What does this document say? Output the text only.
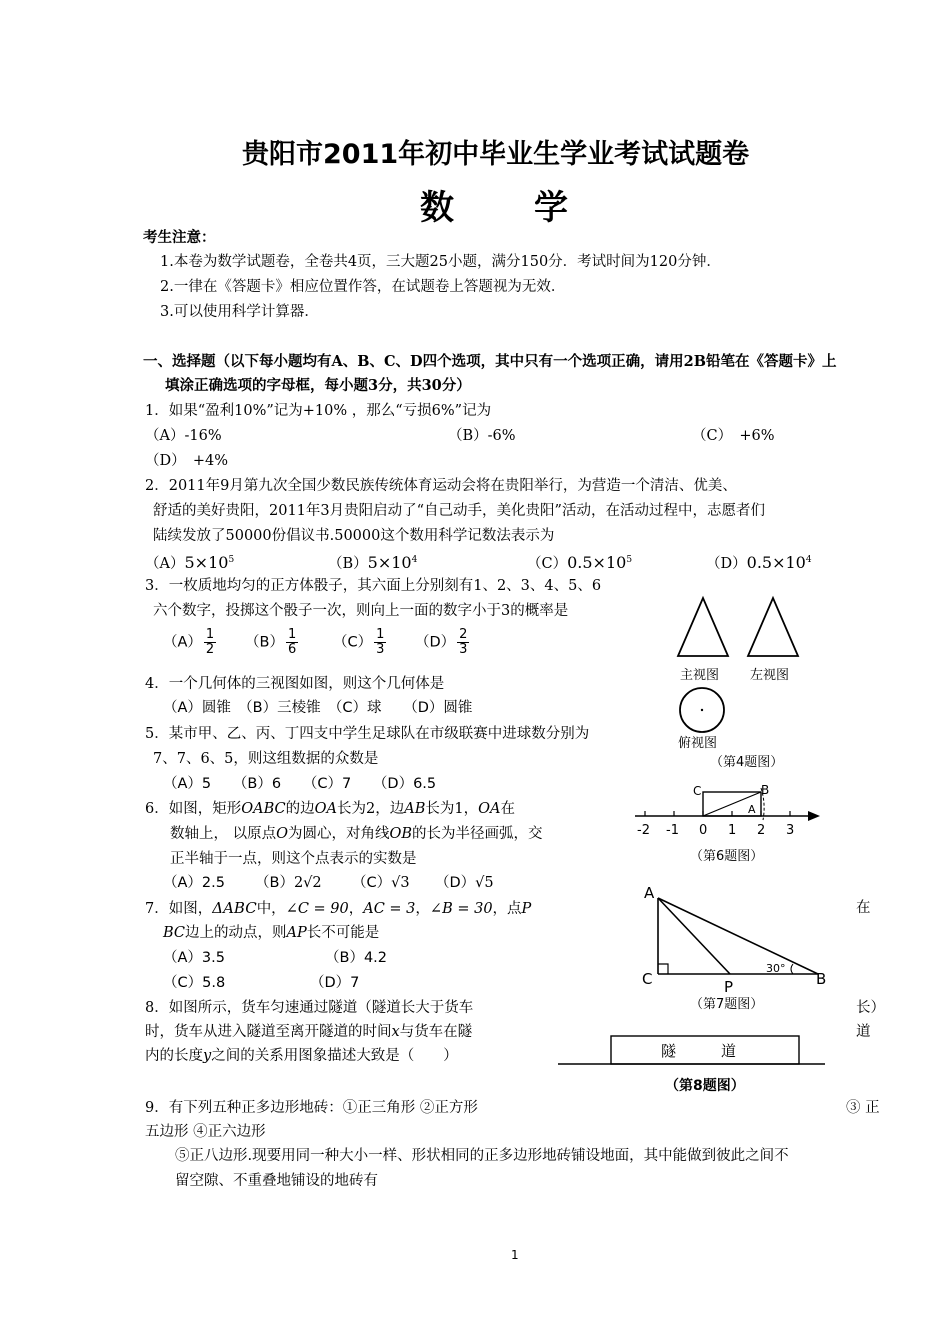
贵阳市2011年初中毕业生学业考试试题卷
数　　学
考生注意：
1.本卷为数学试题卷，全卷共4页，三大题25小题，满分150分．考试时间为120分钟．
2.一律在《答题卡》相应位置作答，在试题卷上答题视为无效．
3.可以使用科学计算器．
一、选择题（以下每小题均有A、B、C、D四个选项，其中只有一个选项正确，请用2B铅笔在《答题卡》上
填涂正确选项的字母框，每小题3分，共30分）
1．如果“盈利10%”记为+10% ，那么“亏损6%”记为
（A）-16%	（B）-6%	（C）　+6%
（D）　+4%
2．2011年9月第九次全国少数民族传统体育运动会将在贵阳举行，为营造一个清洁、优美、
舒适的美好贵阳，2011年3月贵阳启动了“自己动手，美化贵阳”活动，在活动过程中，志愿者们
陆续发放了50000份倡议书.50000这个数用科学记数法表示为
$(A)5\times 10^5$	$(B)5\times 10^4$	$(C)0.5\times 10^5$	$(D)0.5\times 10^4$
3．一枚质地均匀的正方体骰子，其六面上分别刻有1、2、3、4、5、6
六个数字，投掷这个骰子一次，则向上一面的数字小于3的概率是
$(A) \frac{1}{2} (B) \frac{1}{6} (C) \frac{1}{3} (D) \frac{2}{3}$
4．一个几何体的三视图如图，则这个几何体是
（A）圆锥　（B）三棱锥　（C）球　　（D）圆锥
主视图 左视图
俯视图
（第4题图）
5．某市甲、乙、丙、丁四支中学生足球队在市级联赛中进球数分别为
7、7、6、5，则这组数据的众数是
（A）5　　（B）6　　（C）7　　（D）6.5
6．如图，矩形OABC的边OA长为2，边AB长为1，OA在
数轴上， 以原点O为圆心，对角线OB的长为半径画弧，交
正半轴于一点，则这个点表示的实数是
（A）2.5 （B）2√2 （C）√3 （D）√5
C	B
A
-2 -1 0 1 2 3
（第6题图）
7．如图，ΔABC中，∠C = 90，AC = 3，∠B = 30，点P	在
BC边上的动点，则AP长不可能是
（A）3.5	（B）4.2
（C）5.8	（D）7
A
C	P	B
30°
（第7题图）
8．如图所示，货车匀速通过隧道（隧道长大于货车	长）
时，货车从进入隧道至离开隧道的时间x与货车在隧	道
内的长度y之间的关系用图象描述大致是（　　）	隧　　　道
（第8题图）
9．有下列五种正多边形地砖：①正三角形 ②正方形	③ 正
五边形 ④正六边形
⑤正八边形.现要用同一种大小一样、形状相同的正多边形地砖铺设地面，其中能做到彼此之间不
留空隙、不重叠地铺设的地砖有
1
